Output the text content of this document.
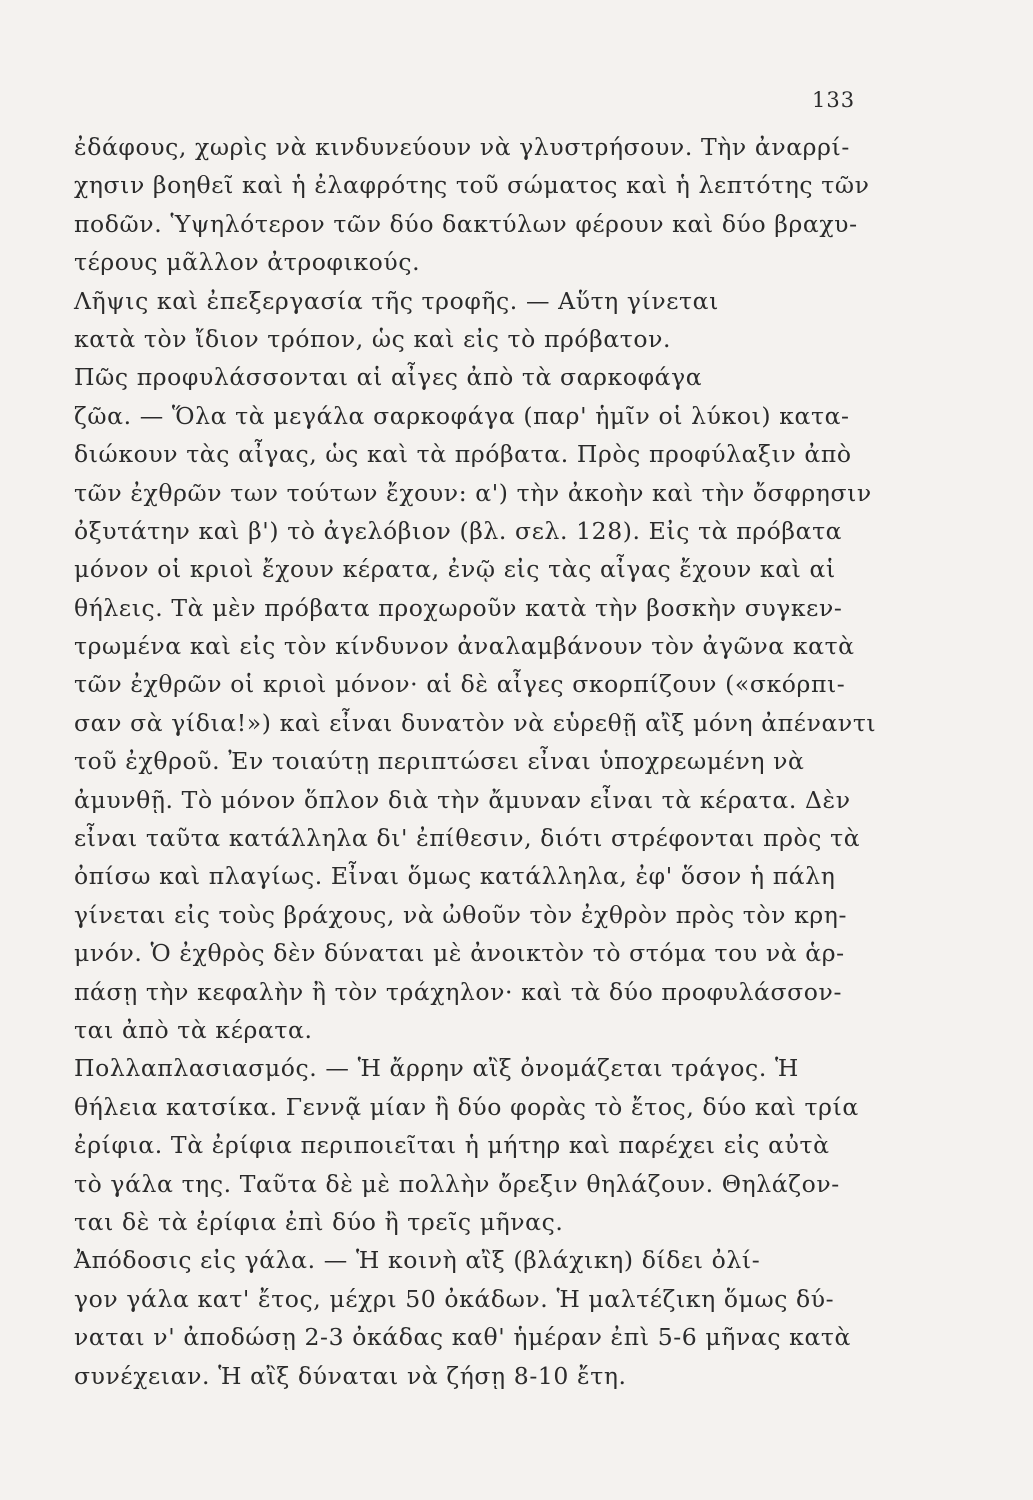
133
ἐδάφους, χωρὶς νὰ κινδυνεύουν νὰ γλυστρήσουν. Τὴν ἀναρρί-
χησιν βοηθεῖ καὶ ἡ ἐλαφρότης τοῦ σώματος καὶ ἡ λεπτότης τῶν
ποδῶν. Ὑψηλότερον τῶν δύο δακτύλων φέρουν καὶ δύο βραχυ-
τέρους μᾶλλον ἀτροφικούς.
Λῆψις καὶ ἐπεξεργασία τῆς τροφῆς. — Αὕτη γίνεται
κατὰ τὸν ἴδιον τρόπον, ὡς καὶ εἰς τὸ πρόβατον.
Πῶς προφυλάσσονται αἱ αἶγες ἀπὸ τὰ σαρκοφάγα
ζῶα. — Ὅλα τὰ μεγάλα σαρκοφάγα (παρ' ἡμῖν οἱ λύκοι) κατα-
διώκουν τὰς αἶγας, ὡς καὶ τὰ πρόβατα. Πρὸς προφύλαξιν ἀπὸ
τῶν ἐχθρῶν των τούτων ἔχουν: α') τὴν ἀκοὴν καὶ τὴν ὄσφρησιν
ὀξυτάτην καὶ β') τὸ ἀγελόβιον (βλ. σελ. 128). Εἰς τὰ πρόβατα
μόνον οἱ κριοὶ ἔχουν κέρατα, ἐνῷ εἰς τὰς αἶγας ἔχουν καὶ αἱ
θήλεις. Τὰ μὲν πρόβατα προχωροῦν κατὰ τὴν βοσκὴν συγκεν-
τρωμένα καὶ εἰς τὸν κίνδυνον ἀναλαμβάνουν τὸν ἀγῶνα κατὰ
τῶν ἐχθρῶν οἱ κριοὶ μόνον· αἱ δὲ αἶγες σκορπίζουν («σκόρπι-
σαν σὰ γίδια!») καὶ εἶναι δυνατὸν νὰ εὑρεθῇ αἲξ μόνη ἀπέναντι
τοῦ ἐχθροῦ. Ἐν τοιαύτῃ περιπτώσει εἶναι ὑποχρεωμένη νὰ
ἀμυνθῇ. Τὸ μόνον ὅπλον διὰ τὴν ἄμυναν εἶναι τὰ κέρατα. Δὲν
εἶναι ταῦτα κατάλληλα δι' ἐπίθεσιν, διότι στρέφονται πρὸς τὰ
ὀπίσω καὶ πλαγίως. Εἶναι ὅμως κατάλληλα, ἐφ' ὅσον ἡ πάλη
γίνεται εἰς τοὺς βράχους, νὰ ὠθοῦν τὸν ἐχθρὸν πρὸς τὸν κρη-
μνόν. Ὁ ἐχθρὸς δὲν δύναται μὲ ἀνοικτὸν τὸ στόμα του νὰ ἁρ-
πάσῃ τὴν κεφαλὴν ἢ τὸν τράχηλον· καὶ τὰ δύο προφυλάσσον-
ται ἀπὸ τὰ κέρατα.
Πολλαπλασιασμός. — Ἡ ἄρρην αἲξ ὀνομάζεται τράγος. Ἡ
θήλεια κατσίκα. Γεννᾷ μίαν ἢ δύο φορὰς τὸ ἔτος, δύο καὶ τρία
ἐρίφια. Τὰ ἐρίφια περιποιεῖται ἡ μήτηρ καὶ παρέχει εἰς αὐτὰ
τὸ γάλα της. Ταῦτα δὲ μὲ πολλὴν ὄρεξιν θηλάζουν. Θηλάζον-
ται δὲ τὰ ἐρίφια ἐπὶ δύο ἢ τρεῖς μῆνας.
Ἀπόδοσις εἰς γάλα. — Ἡ κοινὴ αἲξ (βλάχικη) δίδει ὀλί-
γον γάλα κατ' ἔτος, μέχρι 50 ὀκάδων. Ἡ μαλτέζικη ὅμως δύ-
ναται ν' ἀποδώσῃ 2-3 ὀκάδας καθ' ἡμέραν ἐπὶ 5-6 μῆνας κατὰ
συνέχειαν. Ἡ αἲξ δύναται νὰ ζήσῃ 8-10 ἔτη.
